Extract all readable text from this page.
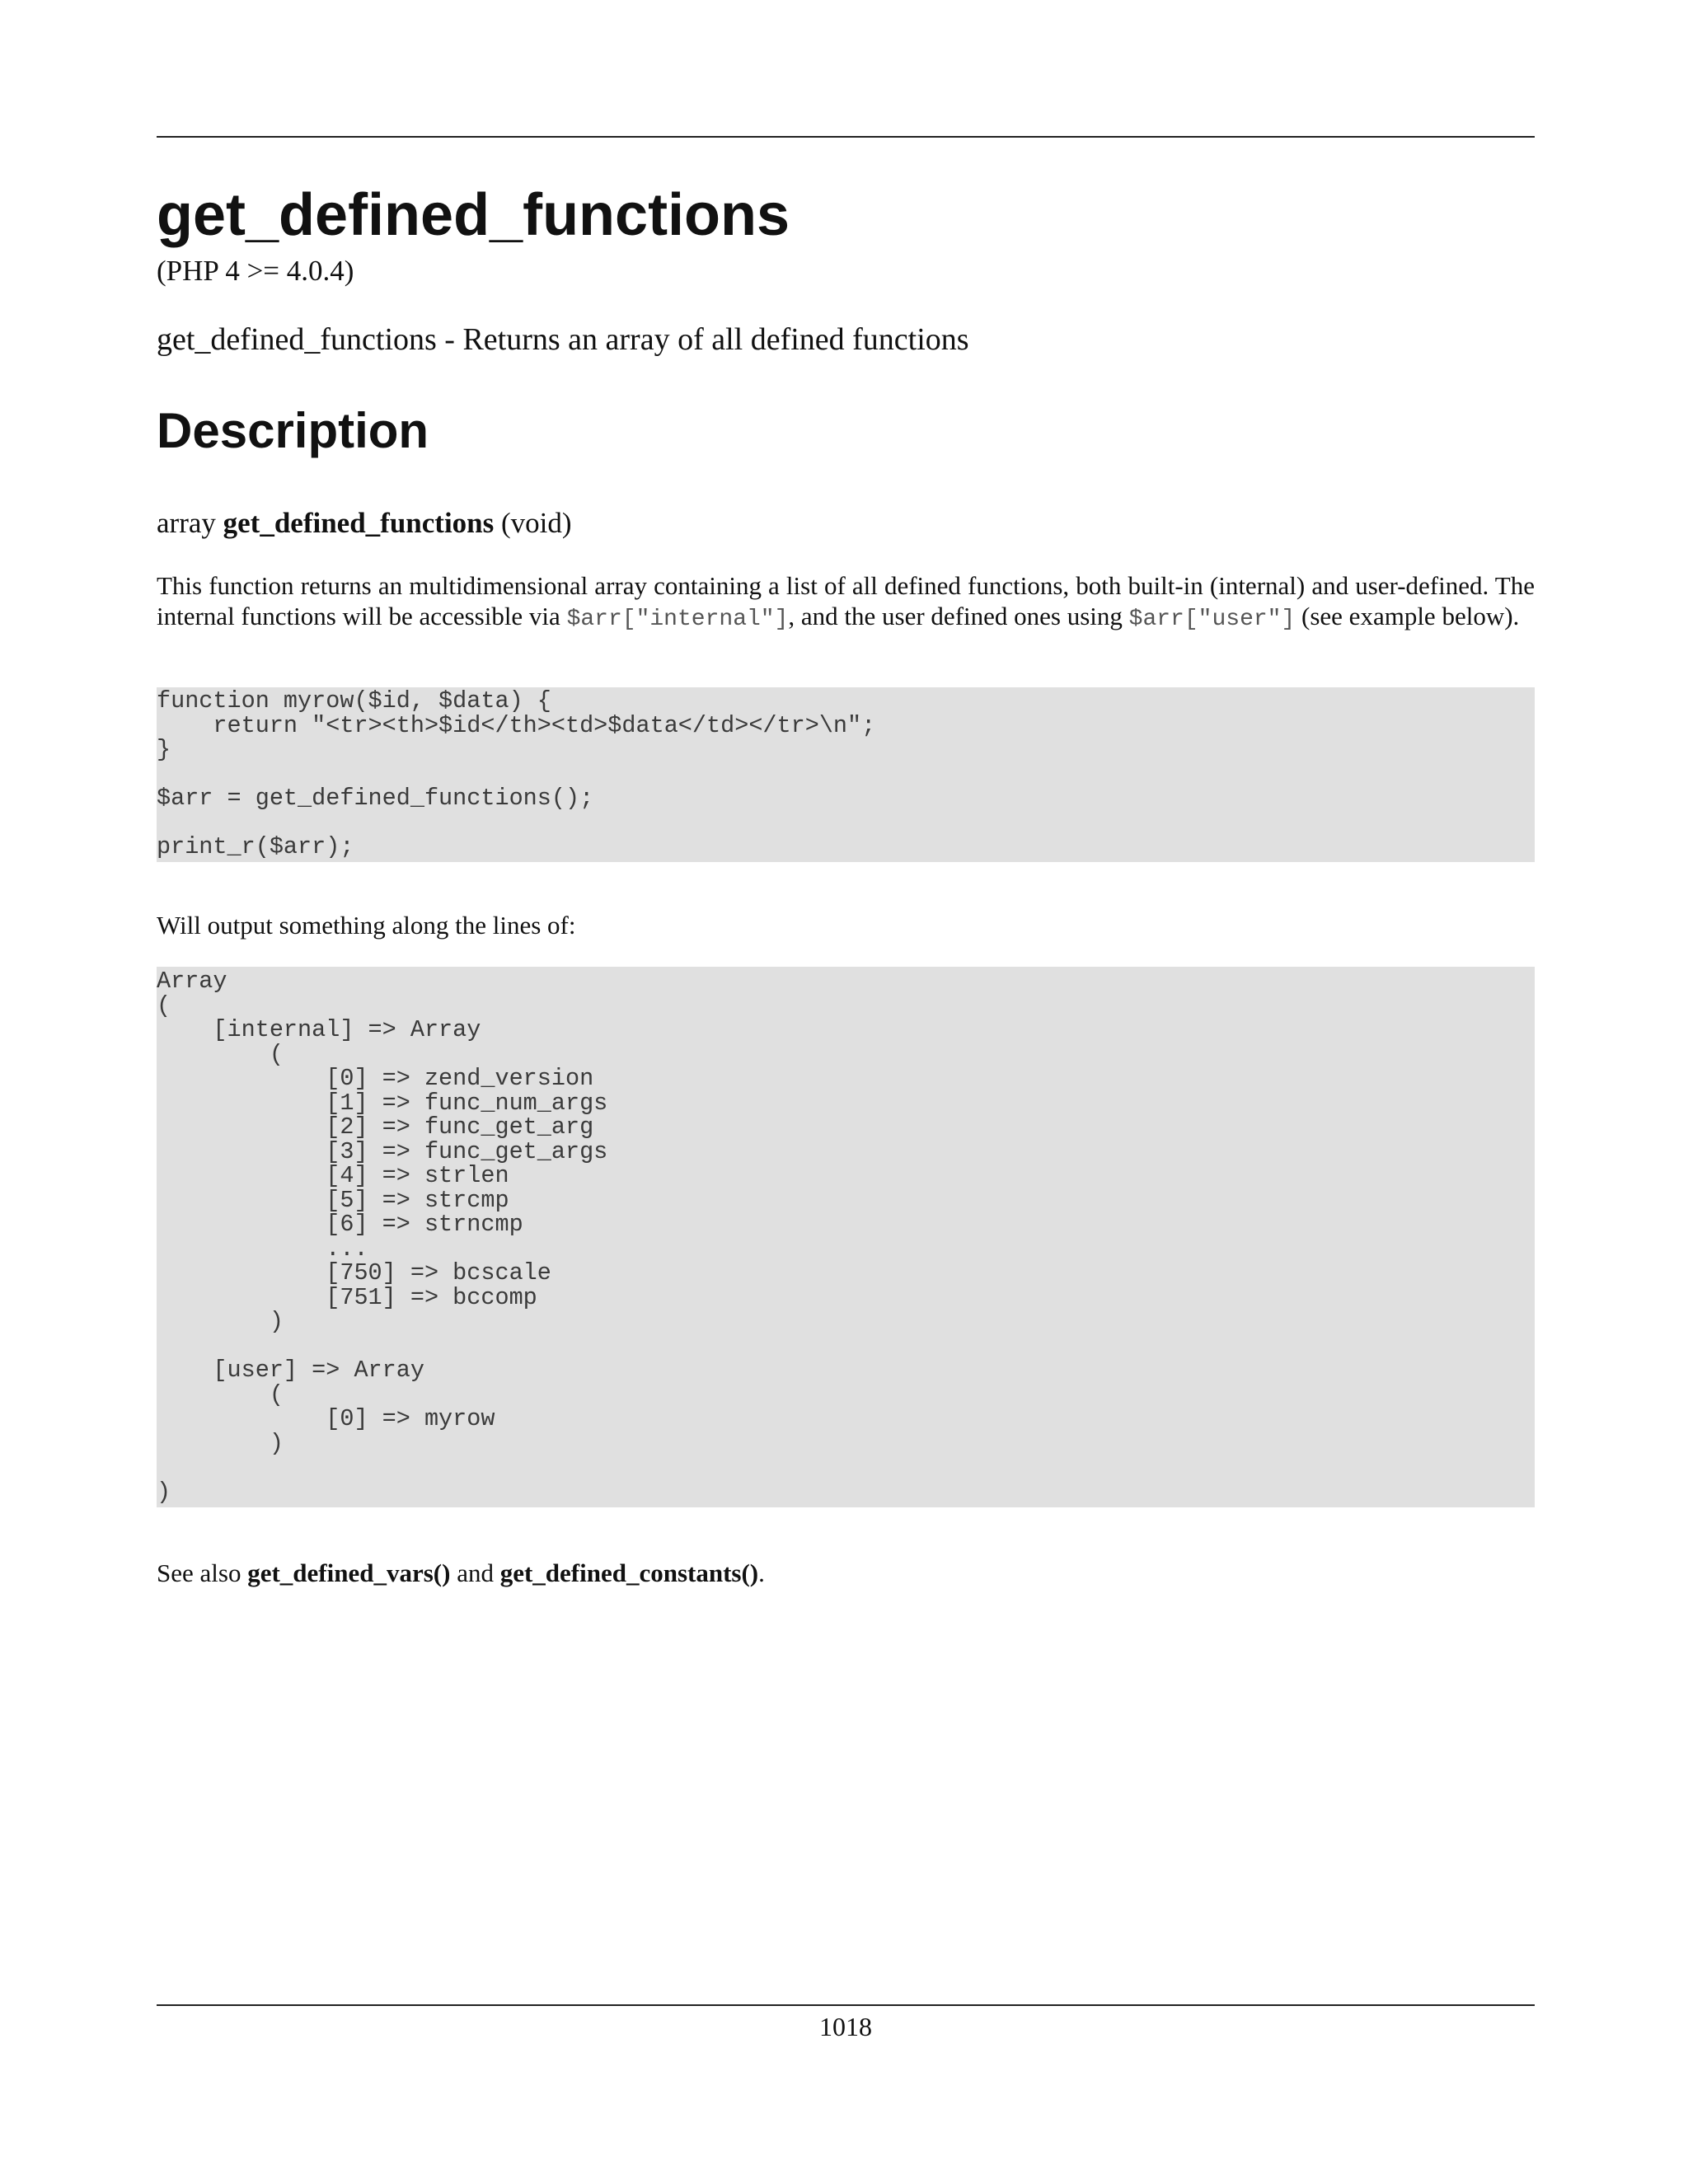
get_defined_functions
(PHP 4 >= 4.0.4)
get_defined_functions - Returns an array of all defined functions
Description
array get_defined_functions (void)
This function returns an multidimensional array containing a list of all defined functions, both built-in (internal) and user-defined. The internal functions will be accessible via $arr["internal"], and the user defined ones using $arr["user"] (see example below).
function myrow($id, $data) {
return "<tr><th>$id</th><td>$data</td></tr>\n";
}

$arr = get_defined_functions();

print_r($arr);
Will output something along the lines of:
Array
(
[internal] => Array
(
[0] => zend_version
[1] => func_num_args
[2] => func_get_arg
[3] => func_get_args
[4] => strlen
[5] => strcmp
[6] => strncmp
...
[750] => bcscale
[751] => bccomp
)

[user] => Array
(
[0] => myrow
)

)
See also get_defined_vars() and get_defined_constants().
1018
